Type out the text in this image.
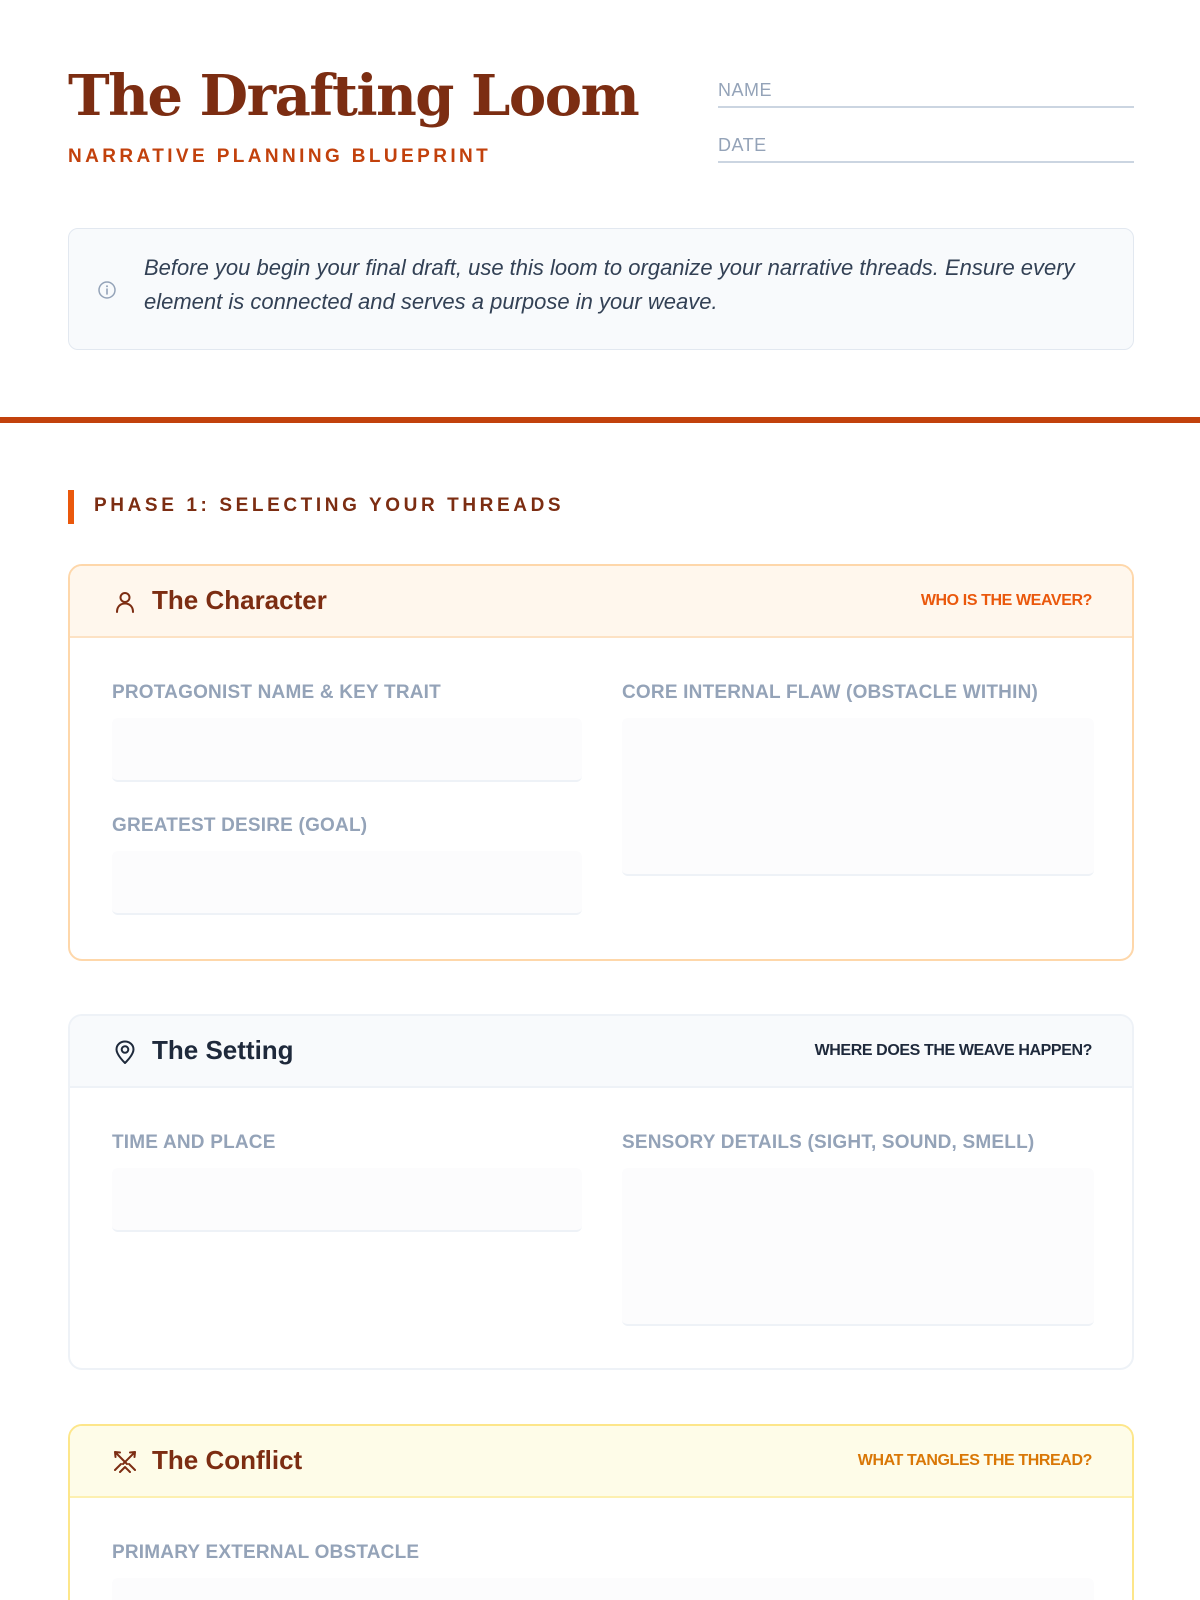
The Drafting Loom
NARRATIVE PLANNING BLUEPRINT
NAME
DATE
Before you begin your final draft, use this loom to organize your narrative threads. Ensure every element is connected and serves a purpose in your weave.
PHASE 1: SELECTING YOUR THREADS
The Character	WHO IS THE WEAVER?
PROTAGONIST NAME & KEY TRAIT
GREATEST DESIRE (GOAL)
CORE INTERNAL FLAW (OBSTACLE WITHIN)
The Setting	WHERE DOES THE WEAVE HAPPEN?
TIME AND PLACE	SENSORY DETAILS (SIGHT, SOUND, SMELL)
The Conflict	WHAT TANGLES THE THREAD?
PRIMARY EXTERNAL OBSTACLE
